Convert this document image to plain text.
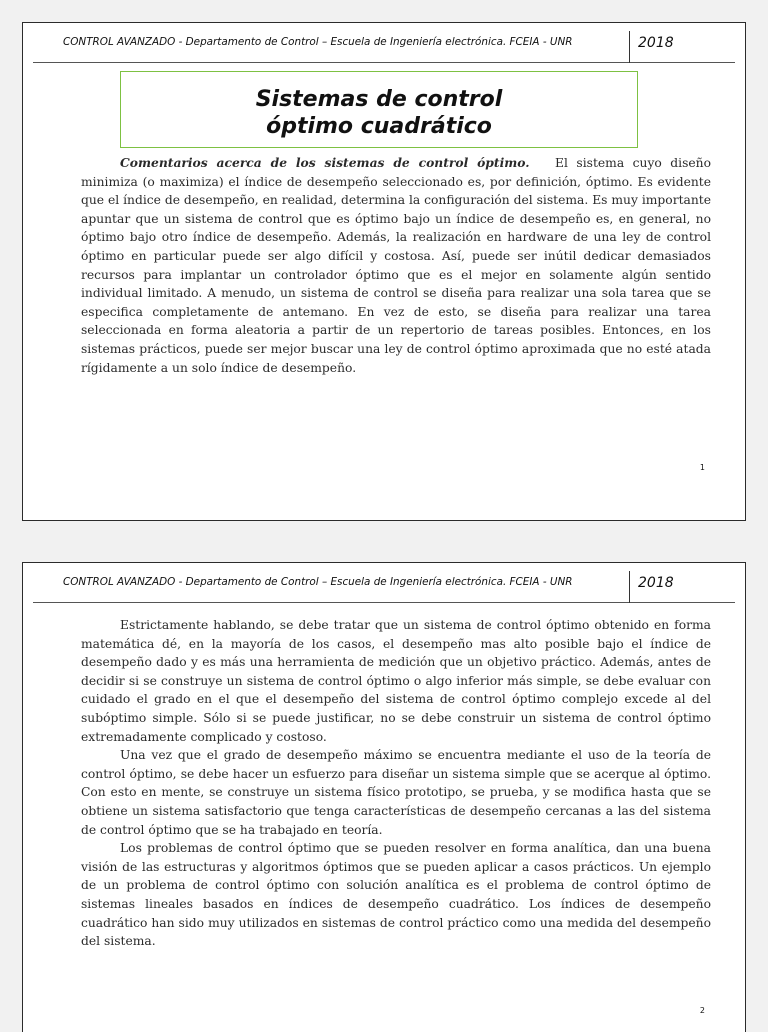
CONTROL AVANZADO - Departamento de Control – Escuela de Ingeniería electrónica. FCEIA - UNR	2018
Sistemas de control
óptimo cuadrático

Comentarios acerca de los sistemas de control óptimo. El sistema cuyo diseño minimiza (o maximiza) el índice de desempeño seleccionado es, por definición, óptimo. Es evidente que el índice de desempeño, en realidad, determina la configuración del sistema. Es muy importante apuntar que un sistema de control que es óptimo bajo un índice de desempeño es, en general, no óptimo bajo otro índice de desempeño. Además, la realización en hardware de una ley de control óptimo en particular puede ser algo difícil y costosa. Así, puede ser inútil dedicar demasiados recursos para implantar un controlador óptimo que es el mejor en solamente algún sentido individual limitado. A menudo, un sistema de control se diseña para realizar una sola tarea que se especifica completamente de antemano. En vez de esto, se diseña para realizar una tarea seleccionada en forma aleatoria a partir de un repertorio de tareas posibles. Entonces, en los sistemas prácticos, puede ser mejor buscar una ley de control óptimo aproximada que no esté atada rígidamente a un solo índice de desempeño.

1
CONTROL AVANZADO - Departamento de Control – Escuela de Ingeniería electrónica. FCEIA - UNR	2018

Estrictamente hablando, se debe tratar que un sistema de control óptimo obtenido en forma matemática dé, en la mayoría de los casos, el desempeño mas alto posible bajo el índice de desempeño dado y es más una herramienta de medición que un objetivo práctico. Además, antes de decidir si se construye un sistema de control óptimo o algo inferior más simple, se debe evaluar con cuidado el grado en el que el desempeño del sistema de control óptimo complejo excede al del subóptimo simple. Sólo si se puede justificar, no se debe construir un sistema de control óptimo extremadamente complicado y costoso.

Una vez que el grado de desempeño máximo se encuentra mediante el uso de la teoría de control óptimo, se debe hacer un esfuerzo para diseñar un sistema simple que se acerque al óptimo. Con esto en mente, se construye un sistema físico prototipo, se prueba, y se modifica hasta que se obtiene un sistema satisfactorio que tenga características de desempeño cercanas a las del sistema de control óptimo que se ha trabajado en teoría.

Los problemas de control óptimo que se pueden resolver en forma analítica, dan una buena visión de las estructuras y algoritmos óptimos que se pueden aplicar a casos prácticos. Un ejemplo de un problema de control óptimo con solución analítica es el problema de control óptimo de sistemas lineales basados en índices de desempeño cuadrático. Los índices de desempeño cuadrático han sido muy utilizados en sistemas de control práctico como una medida del desempeño del sistema.

2
